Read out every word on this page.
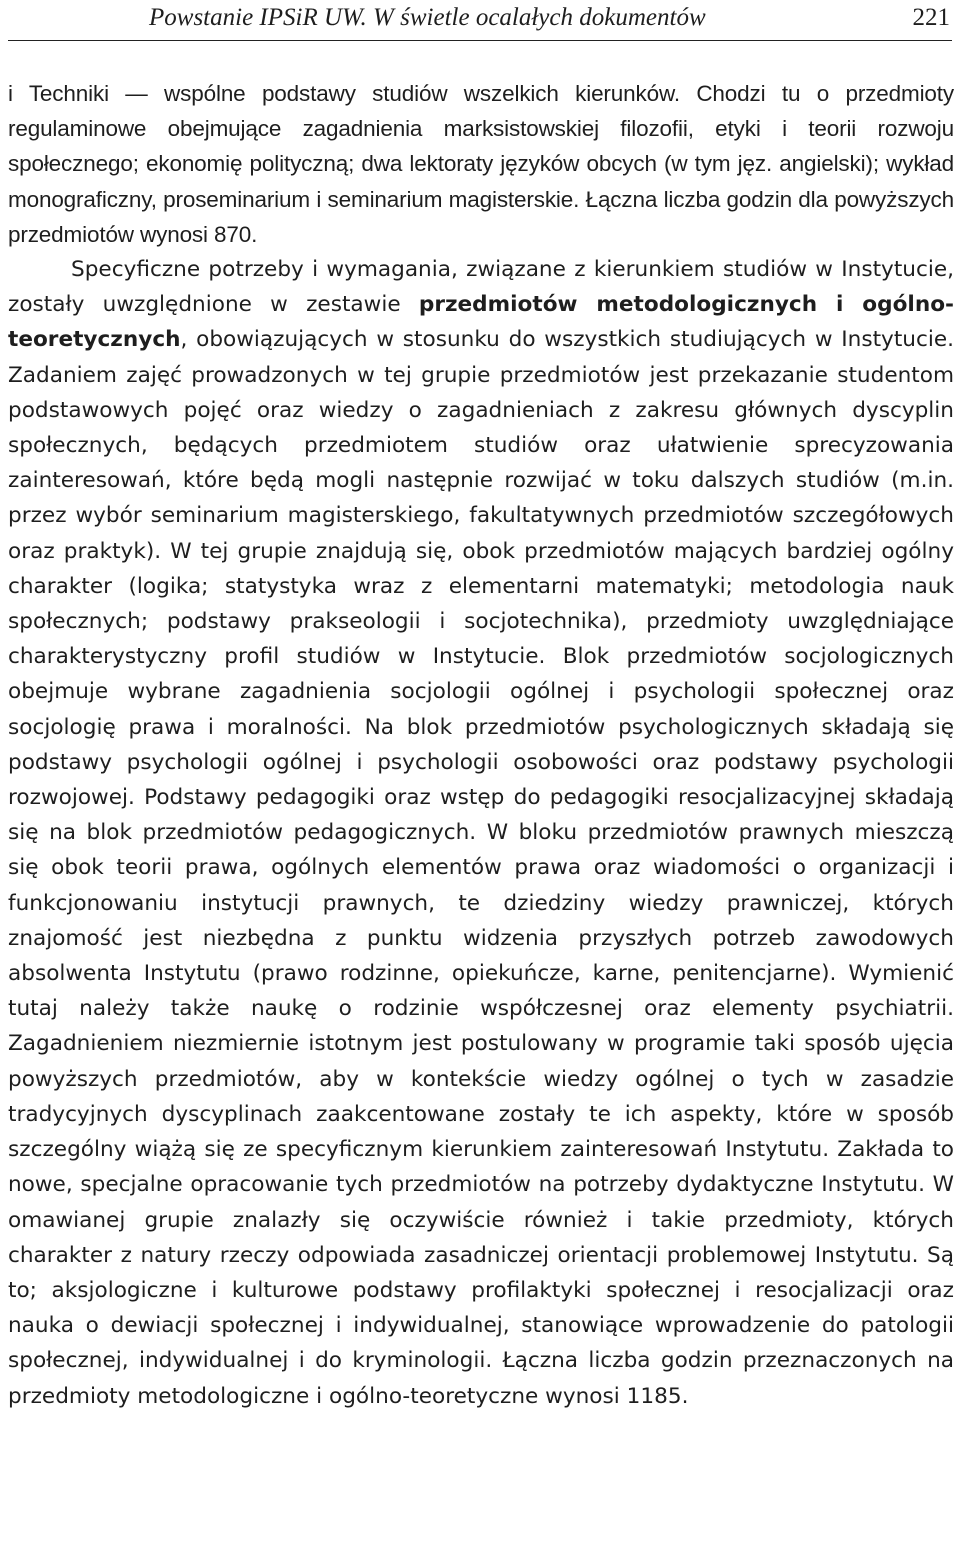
Powstanie IPSiR UW. W świetle ocalałych dokumentów	221

i Techniki — wspólne podstawy studiów wszelkich kierunków. Chodzi tu o przedmioty regulaminowe obejmujące zagadnienia marksistowskiej filozofii, etyki i teorii rozwoju społecznego; ekonomię polityczną; dwa lektoraty języków obcych (w tym jęz. angielski); wykład monograficzny, proseminarium i seminarium magisterskie. Łączna liczba godzin dla powyższych przedmiotów wynosi 870.

Specyficzne potrzeby i wymagania, związane z kierunkiem studiów w Instytucie, zostały uwzględnione w zestawie przedmiotów metodologicznych i ogólno-teoretycznych, obowiązujących w stosunku do wszystkich studiujących w Instytucie. Zadaniem zajęć prowadzonych w tej grupie przedmiotów jest przekazanie studentom podstawowych pojęć oraz wiedzy o zagadnieniach z zakresu głównych dyscyplin społecznych, będących przedmiotem studiów oraz ułatwienie sprecyzowania zainteresowań, które będą mogli następnie rozwijać w toku dalszych studiów (m.in. przez wybór seminarium magisterskiego, fakultatywnych przedmiotów szczegółowych oraz praktyk). W tej grupie znajdują się, obok przedmiotów mających bardziej ogólny charakter (logika; statystyka wraz z elementarni matematyki; metodologia nauk społecznych; podstawy prakseologii i socjotechnika), przedmioty uwzględniające charakterystyczny profil studiów w Instytucie. Blok przedmiotów socjologicznych obejmuje wybrane zagadnienia socjologii ogólnej i psychologii społecznej oraz socjologię prawa i moralności. Na blok przedmiotów psychologicznych składają się podstawy psychologii ogólnej i psychologii osobowości oraz podstawy psychologii rozwojowej. Podstawy pedagogiki oraz wstęp do pedagogiki resocjalizacyjnej składają się na blok przedmiotów pedagogicznych. W bloku przedmiotów prawnych mieszczą się obok teorii prawa, ogólnych elementów prawa oraz wiadomości o organizacji i funkcjonowaniu instytucji prawnych, te dziedziny wiedzy prawniczej, których znajomość jest niezbędna z punktu widzenia przyszłych potrzeb zawodowych absolwenta Instytutu (prawo rodzinne, opiekuńcze, karne, penitencjarne). Wymienić tutaj należy także naukę o rodzinie współczesnej oraz elementy psychiatrii. Zagadnieniem niezmiernie istotnym jest postulowany w programie taki sposób ujęcia powyższych przedmiotów, aby w kontekście wiedzy ogólnej o tych w zasadzie tradycyjnych dyscyplinach zaakcentowane zostały te ich aspekty, które w sposób szczególny wiążą się ze specyficznym kierunkiem zainteresowań Instytutu. Zakłada to nowe, specjalne opracowanie tych przedmiotów na potrzeby dydaktyczne Instytutu. W omawianej grupie znalazły się oczywiście również i takie przedmioty, których charakter z natury rzeczy odpowiada zasadniczej orientacji problemowej Instytutu. Są to; aksjologiczne i kulturowe podstawy profilaktyki społecznej i resocjalizacji oraz nauka o dewiacji społecznej i indywidualnej, stanowiące wprowadzenie do patologii społecznej, indywidualnej i do kryminologii. Łączna liczba godzin przeznaczonych na przedmioty metodologiczne i ogólno-teoretyczne wynosi 1185.
